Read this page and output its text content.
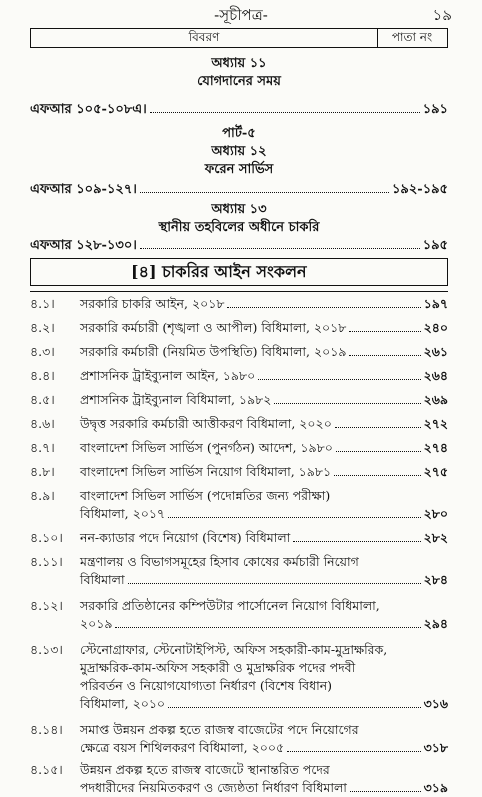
-সূচীপত্র-	১৯
বিবরণ	পাতা নং
অধ্যায় ১১
যোগদানের সময়
এফআর ১০৫-১০৮এ।	১৯১
পার্ট-৫
অধ্যায় ১২
ফরেন সার্ভিস
এফআর ১০৯-১২৭।	১৯২-১৯৫
অধ্যায় ১৩
স্থানীয় তহবিলের অধীনে চাকরি
এফআর ১২৮-১৩০।	১৯৫
[৪] চাকরির আইন সংকলন
৪.১।	সরকারি চাকরি আইন, ২০১৮	১৯৭
৪.২।	সরকারি কর্মচারী (শৃঙ্খলা ও আপীল) বিধিমালা, ২০১৮	২৪০
৪.৩।	সরকারি কর্মচারী (নিয়মিত উপস্থিতি) বিধিমালা, ২০১৯	২৬১
৪.৪।	প্রশাসনিক ট্রাইব্যুনাল আইন, ১৯৮০	২৬৪
৪.৫।	প্রশাসনিক ট্রাইব্যুনাল বিধিমালা, ১৯৮২	২৬৯
৪.৬।	উদ্বৃত্ত সরকারি কর্মচারী আত্তীকরণ বিধিমালা, ২০২০	২৭২
৪.৭।	বাংলাদেশ সিভিল সার্ভিস (পুনর্গঠন) আদেশ, ১৯৮০	২৭৪
৪.৮।	বাংলাদেশ সিভিল সার্ভিস নিয়োগ বিধিমালা, ১৯৮১	২৭৫
৪.৯।	বাংলাদেশ সিভিল সার্ভিস (পদোন্নতির জন্য পরীক্ষা)
বিধিমালা, ২০১৭	২৮০
৪.১০। নন-ক্যাডার পদে নিয়োগ (বিশেষ) বিধিমালা	২৮২
৪.১১। মন্ত্রণালয় ও বিভাগসমূহের হিসাব কোষের কর্মচারী নিয়োগ
বিধিমালা	২৮৪
৪.১২। সরকারি প্রতিষ্ঠানের কম্পিউটার পার্সোনেল নিয়োগ বিধিমালা,
২০১৯	২৯৪
৪.১৩। স্টেনোগ্রাফার, স্টেনোটাইপিস্ট, অফিস সহকারী-কাম-মুদ্রাক্ষরিক,
মুদ্রাক্ষরিক-কাম-অফিস সহকারী ও মুদ্রাক্ষরিক পদের পদবী
পরিবর্তন ও নিয়োগযোগ্যতা নির্ধারণ (বিশেষ বিধান)
বিধিমালা, ২০১০	৩১৬
৪.১৪। সমাপ্ত উন্নয়ন প্রকল্প হতে রাজস্ব বাজেটের পদে নিয়োগের
ক্ষেত্রে বয়স শিথিলকরণ বিধিমালা, ২০০৫	৩১৮
৪.১৫। উন্নয়ন প্রকল্প হতে রাজস্ব বাজেটে স্থানান্তরিত পদের
পদধারীদের নিয়মিতকরণ ও জ্যেষ্ঠতা নির্ধারণ বিধিমালা	৩১৯
